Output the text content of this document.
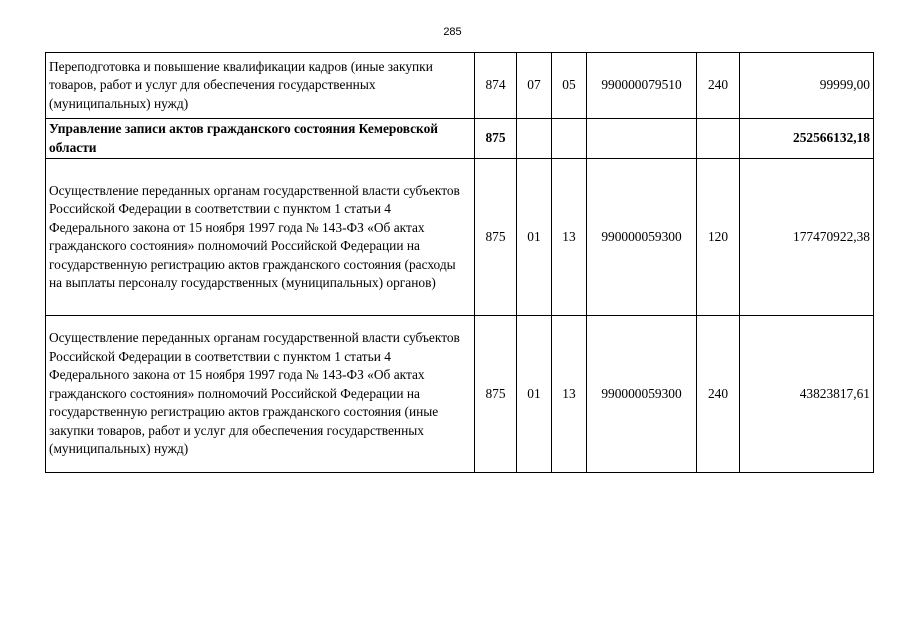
285
Переподготовка и повышение квалификации кадров (иные закупки товаров, работ и услуг для обеспечения государственных (муниципальных) нужд)	874	07	05	990000079510	240	99999,00
Управление записи актов гражданского состояния Кемеровской области	875					252566132,18
Осуществление переданных органам государственной власти субъектов Российской Федерации в соответствии с пунктом 1 статьи 4 Федерального закона от 15 ноября 1997 года № 143-ФЗ «Об актах гражданского состояния» полномочий Российской Федерации на государственную регистрацию актов гражданского состояния (расходы на выплаты персоналу государственных (муниципальных) органов)	875	01	13	990000059300	120	177470922,38
Осуществление переданных органам государственной власти субъектов Российской Федерации в соответствии с пунктом 1 статьи 4 Федерального закона от 15 ноября 1997 года № 143-ФЗ «Об актах гражданского состояния» полномочий Российской Федерации на государственную регистрацию актов гражданского состояния (иные закупки товаров, работ и услуг для обеспечения государственных (муниципальных) нужд)	875	01	13	990000059300	240	43823817,61
